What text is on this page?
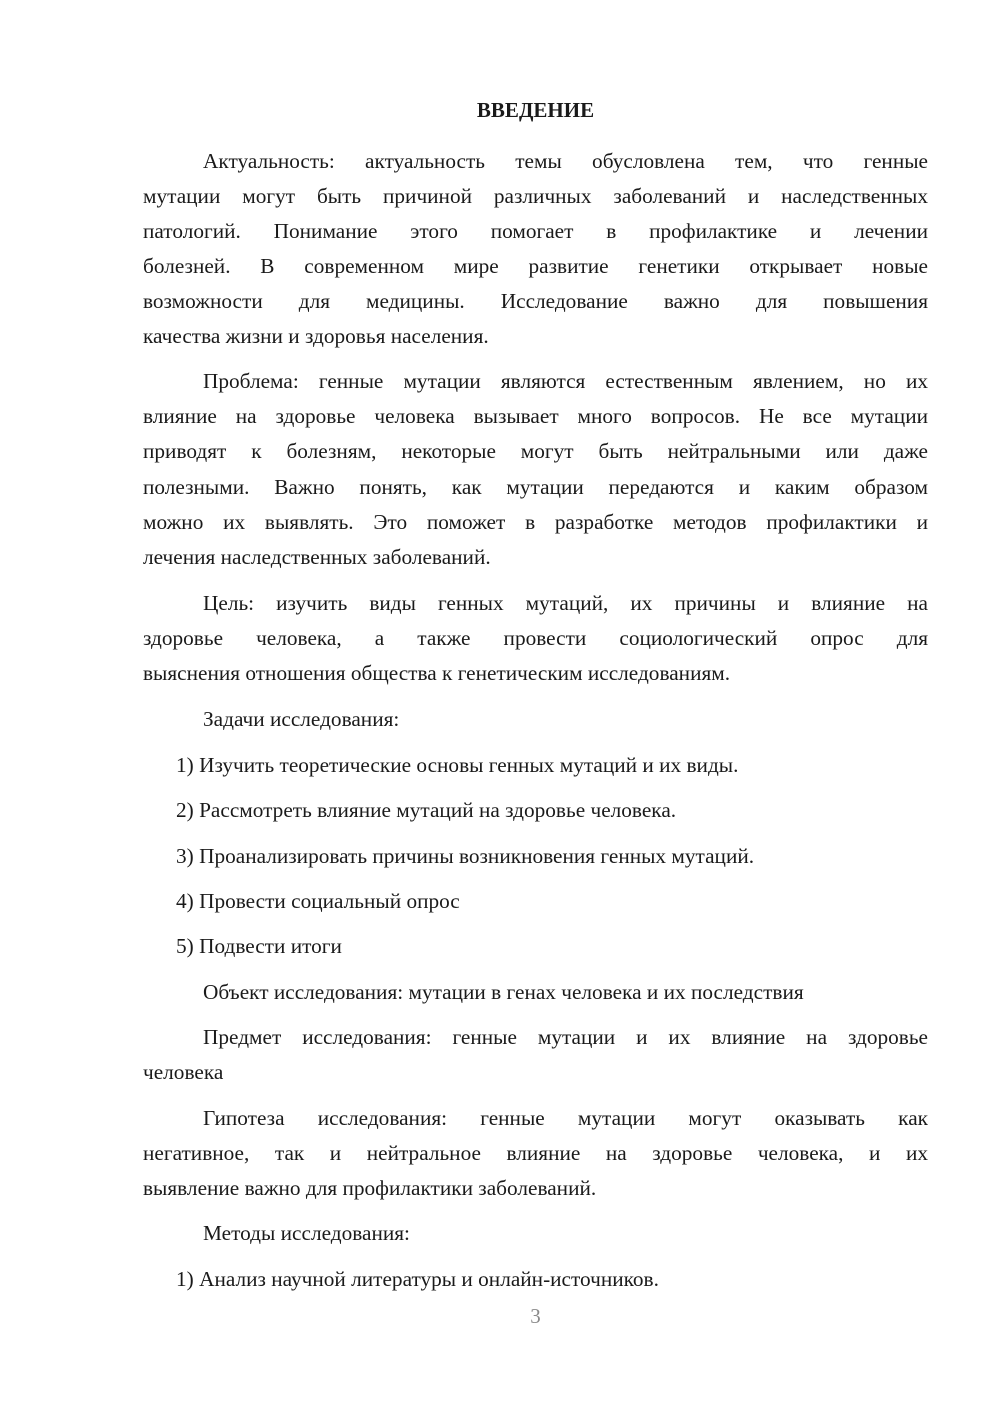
ВВЕДЕНИЕ
Актуальность: актуальность темы обусловлена тем, что генные
мутации могут быть причиной различных заболеваний и наследственных
патологий. Понимание этого помогает в профилактике и лечении
болезней. В современном мире развитие генетики открывает новые
возможности для медицины. Исследование важно для повышения
качества жизни и здоровья населения.
Проблема: генные мутации являются естественным явлением, но их
влияние на здоровье человека вызывает много вопросов. Не все мутации
приводят к болезням, некоторые могут быть нейтральными или даже
полезными. Важно понять, как мутации передаются и каким образом
можно их выявлять. Это поможет в разработке методов профилактики и
лечения наследственных заболеваний.
Цель: изучить виды генных мутаций, их причины и влияние на
здоровье человека, а также провести социологический опрос для
выяснения отношения общества к генетическим исследованиям.
Задачи исследования:
1) Изучить теоретические основы генных мутаций и их виды.
2) Рассмотреть влияние мутаций на здоровье человека.
3) Проанализировать причины возникновения генных мутаций.
4) Провести социальный опрос
5) Подвести итоги
Объект исследования: мутации в генах человека и их последствия
Предмет исследования: генные мутации и их влияние на здоровье
человека
Гипотеза исследования: генные мутации могут оказывать как
негативное, так и нейтральное влияние на здоровье человека, и их
выявление важно для профилактики заболеваний.
Методы исследования:
1) Анализ научной литературы и онлайн-источников.
3
